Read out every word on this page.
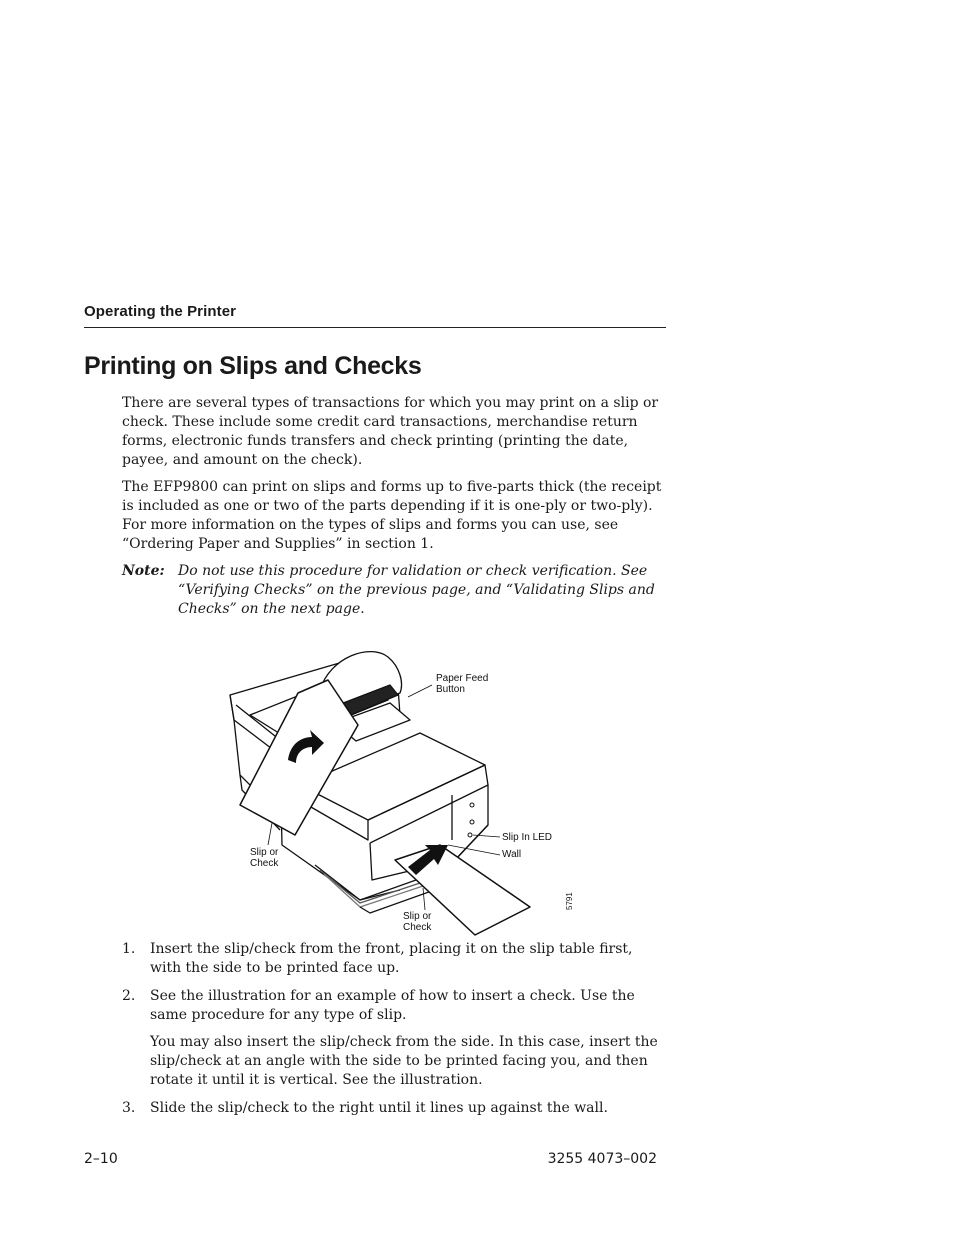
Operating the Printer
Printing on Slips and Checks

There are several types of transactions for which you may print on a slip or check. These include some credit card transactions, merchandise return forms, electronic funds transfers and check printing (printing the date, payee, and amount on the check).

The EFP9800 can print on slips and forms up to five-parts thick (the receipt is included as one or two of the parts depending if it is one-ply or two-ply). For more information on the types of slips and forms you can use, see “Ordering Paper and Supplies” in section 1.

Note: Do not use this procedure for validation or check verification. See “Verifying Checks” on the previous page, and “Validating Slips and Checks” on the next page.

Paper Feed
Button
Slip In LED
Wall
Slip or
Check
Slip or
Check
5791
1. Insert the slip/check from the front, placing it on the slip table first, with the side to be printed face up.

2. See the illustration for an example of how to insert a check. Use the same procedure for any type of slip.

You may also insert the slip/check from the side. In this case, insert the slip/check at an angle with the side to be printed facing you, and then rotate it until it is vertical. See the illustration.

3. Slide the slip/check to the right until it lines up against the wall.

2–10	3255 4073–002
